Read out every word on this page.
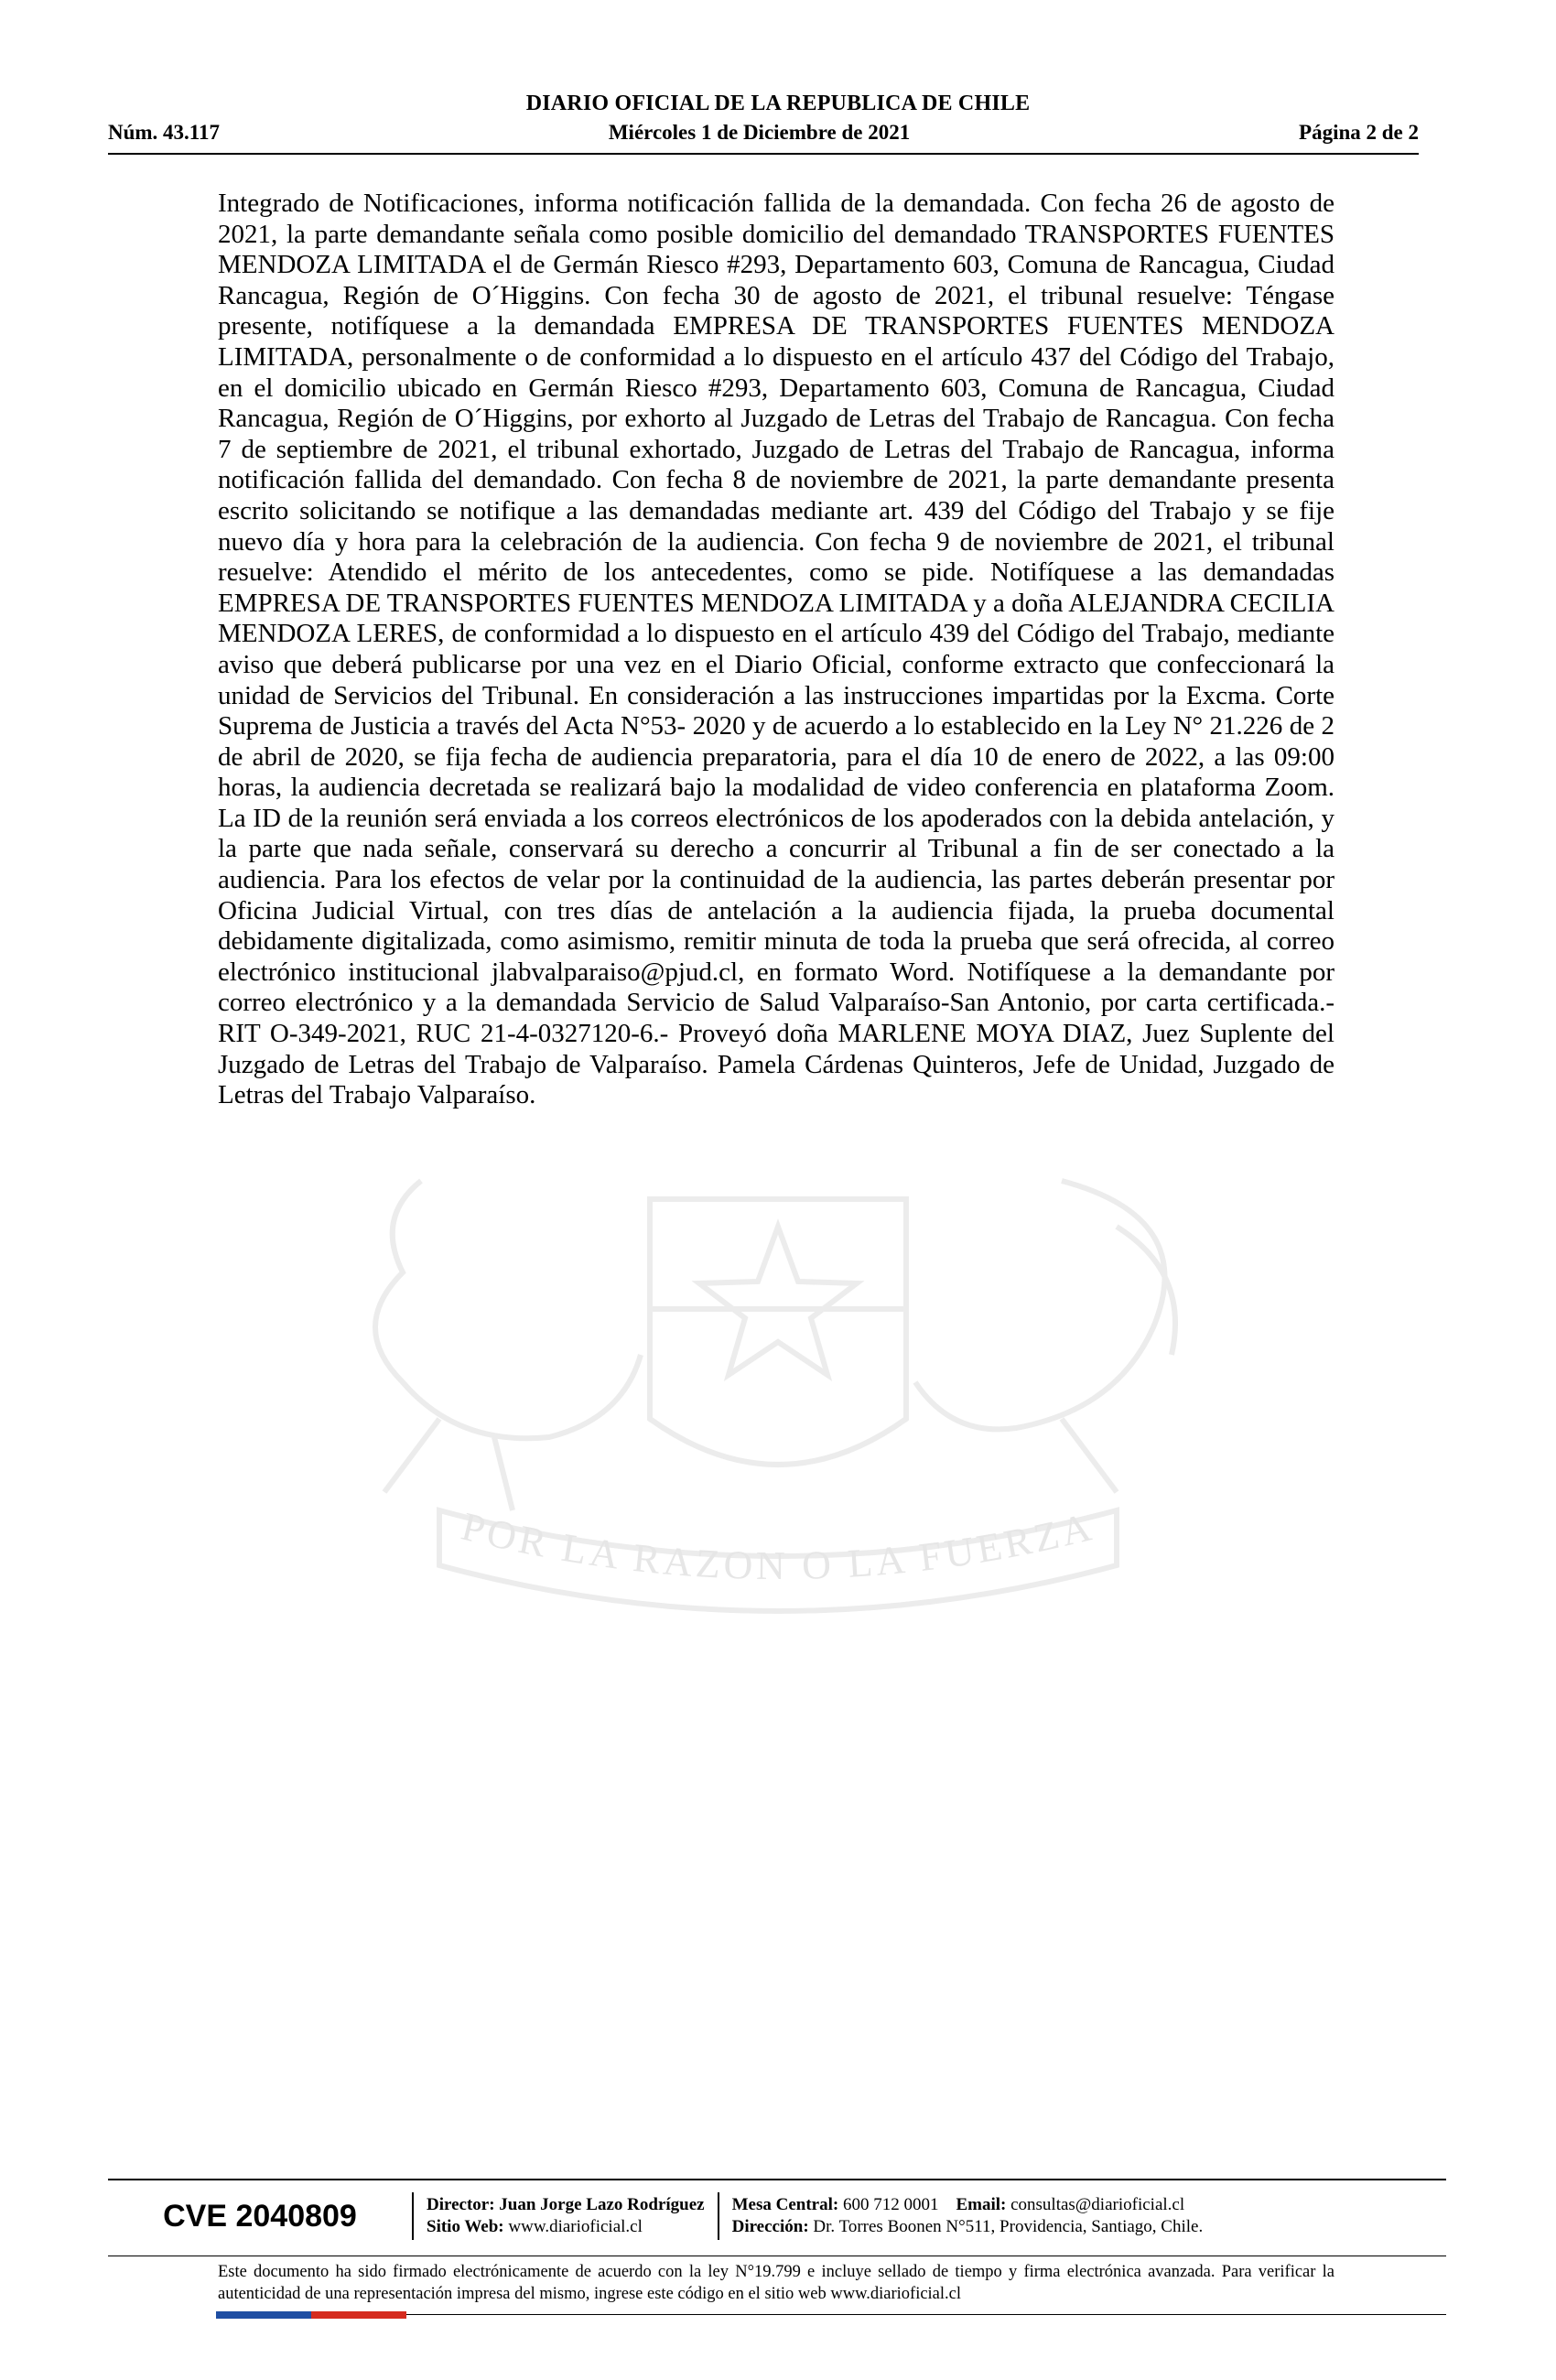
DIARIO OFICIAL DE LA REPUBLICA DE CHILE
Núm. 43.117	Miércoles 1 de Diciembre de 2021	Página 2 de 2
POR LA RAZON O LA FUERZA
Integrado de Notificaciones, informa notificación fallida de la demandada. Con fecha 26 de agosto de 2021, la parte demandante señala como posible domicilio del demandado TRANSPORTES FUENTES MENDOZA LIMITADA el de Germán Riesco #293, Departamento 603, Comuna de Rancagua, Ciudad Rancagua, Región de O´Higgins. Con fecha 30 de agosto de 2021, el tribunal resuelve: Téngase presente, notifíquese a la demandada EMPRESA DE TRANSPORTES FUENTES MENDOZA LIMITADA, personalmente o de conformidad a lo dispuesto en el artículo 437 del Código del Trabajo, en el domicilio ubicado en Germán Riesco #293, Departamento 603, Comuna de Rancagua, Ciudad Rancagua, Región de O´Higgins, por exhorto al Juzgado de Letras del Trabajo de Rancagua. Con fecha 7 de septiembre de 2021, el tribunal exhortado, Juzgado de Letras del Trabajo de Rancagua, informa notificación fallida del demandado. Con fecha 8 de noviembre de 2021, la parte demandante presenta escrito solicitando se notifique a las demandadas mediante art. 439 del Código del Trabajo y se fije nuevo día y hora para la celebración de la audiencia. Con fecha 9 de noviembre de 2021, el tribunal resuelve: Atendido el mérito de los antecedentes, como se pide. Notifíquese a las demandadas EMPRESA DE TRANSPORTES FUENTES MENDOZA LIMITADA y a doña ALEJANDRA CECILIA MENDOZA LERES, de conformidad a lo dispuesto en el artículo 439 del Código del Trabajo, mediante aviso que deberá publicarse por una vez en el Diario Oficial, conforme extracto que confeccionará la unidad de Servicios del Tribunal. En consideración a las instrucciones impartidas por la Excma. Corte Suprema de Justicia a través del Acta N°53- 2020 y de acuerdo a lo establecido en la Ley N° 21.226 de 2 de abril de 2020, se fija fecha de audiencia preparatoria, para el día 10 de enero de 2022, a las 09:00 horas, la audiencia decretada se realizará bajo la modalidad de video conferencia en plataforma Zoom. La ID de la reunión será enviada a los correos electrónicos de los apoderados con la debida antelación, y la parte que nada señale, conservará su derecho a concurrir al Tribunal a fin de ser conectado a la audiencia. Para los efectos de velar por la continuidad de la audiencia, las partes deberán presentar por Oficina Judicial Virtual, con tres días de antelación a la audiencia fijada, la prueba documental debidamente digitalizada, como asimismo, remitir minuta de toda la prueba que será ofrecida, al correo electrónico institucional jlabvalparaiso@pjud.cl, en formato Word. Notifíquese a la demandante por correo electrónico y a la demandada Servicio de Salud Valparaíso-San Antonio, por carta certificada.- RIT O-349-2021, RUC 21-4-0327120-6.- Proveyó doña MARLENE MOYA DIAZ, Juez Suplente del Juzgado de Letras del Trabajo de Valparaíso. Pamela Cárdenas Quinteros, Jefe de Unidad, Juzgado de Letras del Trabajo Valparaíso.
CVE 2040809	Director: Juan Jorge Lazo Rodríguez
Sitio Web: www.diarioficial.cl
Mesa Central: 600 712 0001 Email: consultas@diarioficial.cl
Dirección: Dr. Torres Boonen N°511, Providencia, Santiago, Chile.
Este documento ha sido firmado electrónicamente de acuerdo con la ley N°19.799 e incluye sellado de tiempo y firma electrónica avanzada. Para verificar la autenticidad de una representación impresa del mismo, ingrese este código en el sitio web www.diarioficial.cl
